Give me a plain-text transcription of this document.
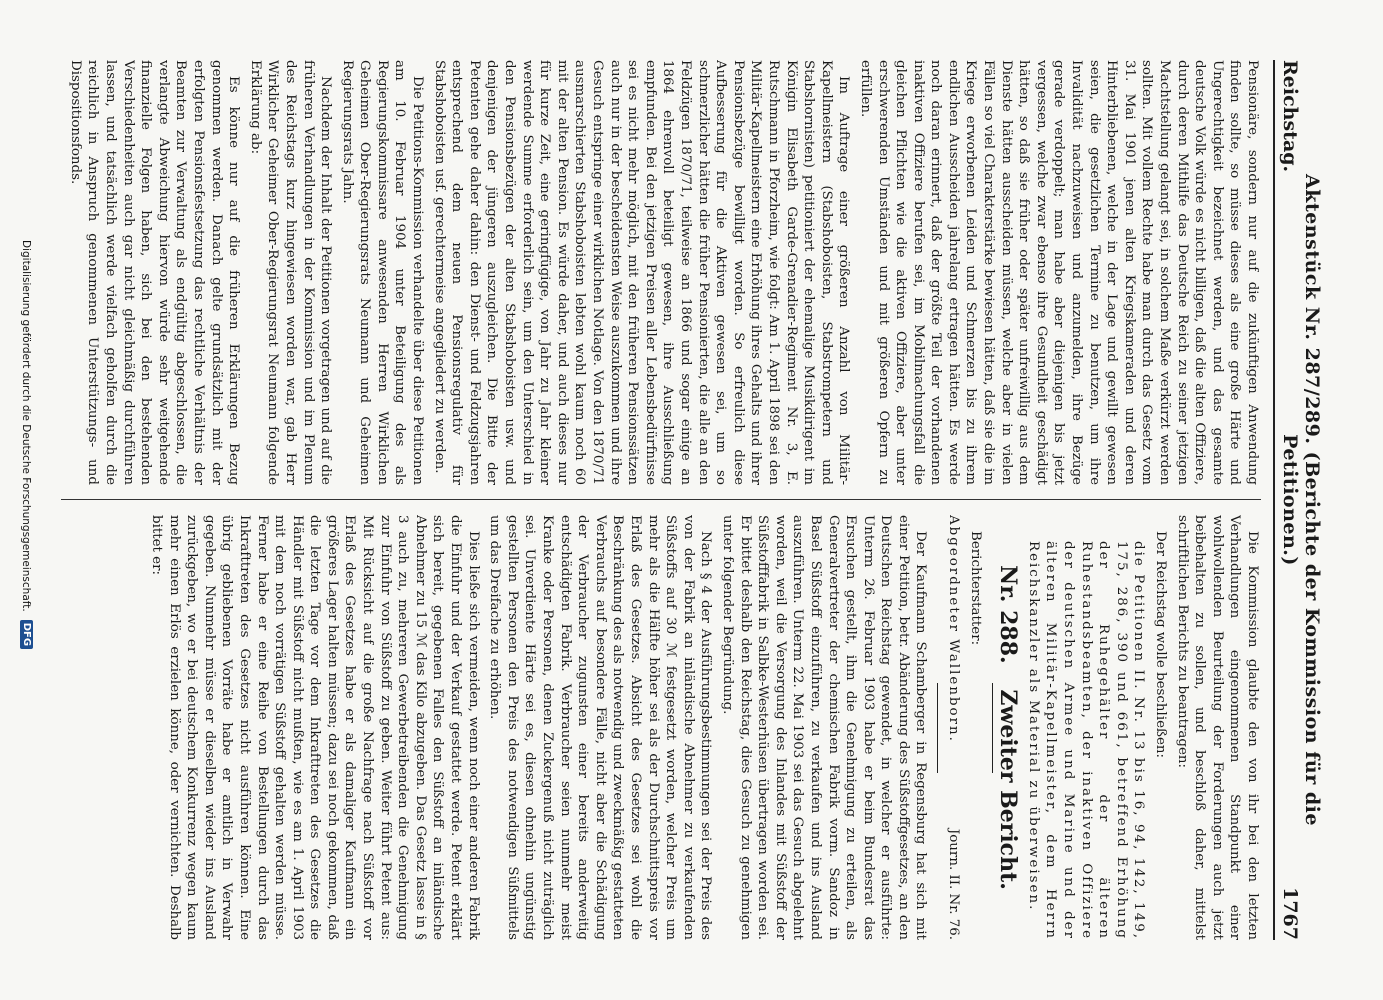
Reichstag.
Aktenstück Nr. 287/289. (Berichte der Kommission für die Petitionen.)
1767

Pensionäre, sondern nur auf die zukünftigen Anwendung finden sollte, so müsse dieses als eine große Härte und Ungerechtigkeit bezeichnet werden, und das gesamte deutsche Volk würde es nicht billigen, daß die alten Offiziere, durch deren Mithilfe das Deutsche Reich zu seiner jetzigen Machtstellung gelangt sei, in solchem Maße verkürzt werden sollten. Mit vollem Rechte habe man durch das Gesetz vom 31. Mai 1901 jenen alten Kriegskameraden und deren Hinterbliebenen, welche in der Lage und gewillt gewesen seien, die gesetzlichen Termine zu benutzen, um ihre Invalidität nachzuweisen und anzumelden, ihre Bezüge gerade verdoppelt; man habe aber diejenigen bis jetzt vergessen, welche zwar ebenso ihre Gesundheit geschädigt hätten, so daß sie früher oder später unfreiwillig aus dem Dienste hätten ausscheiden müssen, welche aber in vielen Fällen so viel Charakterstärke bewiesen hätten, daß sie die im Kriege erworbenen Leiden und Schmerzen bis zu ihrem endlichen Ausscheiden jahrelang ertragen hätten. Es werde noch daran erinnert, daß der größte Teil der vorhandenen inaktiven Offiziere berufen sei, im Mobilmachungsfall die gleichen Pflichten wie die aktiven Offiziere, aber unter erschwerenden Umständen und mit größeren Opfern zu erfüllen.

Im Auftrage einer größeren Anzahl von Militär-Kapellmeistern (Stabshoboisten, Stabstrompetern und Stabshornisten) petitioniert der ehemalige Musikdirigent im Königin Elisabeth Garde-Grenadier-Regiment Nr. 3, E. Rutschmann in Pforzheim, wie folgt: Am 1. April 1898 sei den Militär-Kapellmeistern eine Erhöhung ihres Gehalts und ihrer Pensionsbezüge bewilligt worden. So erfreulich diese Aufbesserung für die Aktiven gewesen sei, um so schmerzlicher hätten die früher Pensionierten, die alle an den Feldzügen 1870/71, teilweise an 1866 und sogar einige an 1864 ehrenvoll beteiligt gewesen, ihre Ausschließung empfunden. Bei den jetzigen Preisen aller Lebensbedürfnisse sei es nicht mehr möglich, mit den früheren Pensionssätzen auch nur in der bescheidensten Weise auszukommen und ihre Gesuch entspringe einer wirklichen Notlage. Von den 1870/71 ausmarschierten Stabshoboisten lebten wohl kaum noch 60 mit der alten Pension. Es würde daher, und auch dieses nur für kurze Zeit, eine geringfügige, von Jahr zu Jahr kleiner werdende Summe erforderlich sein, um den Unterschied in den Pensionsbezügen der alten Stabshoboisten usw. und denjenigen der jüngeren auszugleichen. Die Bitte der Petenten gehe daher dahin: den Dienst- und Feldzugsjahren entsprechend dem neuen Pensionsregulativ für Stabshoboisten usf. gerechtermeise angegliedert zu werden.

Die Petitions-Kommission verhandelte über diese Petitionen am 10. Februar 1904 unter Beteiligung des als Regierungskommissare anwesenden Herren Wirklichen Geheimen Ober-Regierungsrats Neumann und Geheimen Regierungsrats Jahn.

Nachdem der Inhalt der Petitionen vorgetragen und auf die früheren Verhandlungen in der Kommission und im Plenum des Reichstags kurz hingewiesen worden war, gab Herr Wirklicher Geheimer Ober-Regierungsrat Neumann folgende Erklärung ab:

Es könne nur auf die früheren Erklärungen Bezug genommen werden. Danach gelte grundsätzlich mit der erfolgten Pensionsfestsetzung das rechtliche Verhältnis der Beamten zur Verwaltung als endgültig abgeschlossen, die verlangte Abweichung hiervon würde sehr weitgehende finanzielle Folgen haben, sich bei den bestehenden Verschiedenheiten auch gar nicht gleichmäßig durchführen lassen, und tatsächlich werde vielfach geholfen durch die reichlich in Anspruch genommenen Unterstützungs- und Dispositionsfonds.

Die Kommission glaubte den von ihr bei den letzten Verhandlungen eingenommenen Standpunkt einer wohlwollenden Beurteilung der Forderungen auch jetzt beibehalten zu sollen, und beschloß daher, mittelst schriftlichen Berichts zu beantragen:

Der Reichstag wolle beschließen:

die Petitionen II. Nr. 13 bis 16, 94, 142, 149, 175, 286, 390 und 661, betreffend Erhöhung der Ruhegehälter der älteren Ruhestandsbeamten, der inaktiven Offiziere der deutschen Armee und Marine und der älteren Militär-Kapellmeister, dem Herrn Reichskanzler als Material zu überweisen.

Nr. 288. Zweiter Bericht.

Berichterstatter:

Abgeordneter Wallenborn.
Journ. II. Nr. 76.

Der Kaufmann Schamberger in Regensburg hat sich mit einer Petition, betr. Abänderung des Süßstoffgesetzes, an den Deutschen Reichstag gewendet, in welcher er ausführte: Unterm 26. Februar 1903 habe er beim Bundesrat das Ersuchen gestellt, ihm die Genehmigung zu erteilen, als Generalvertreter der chemischen Fabrik vorm. Sandoz in Basel Süßstoff einzuführen, zu verkaufen und ins Ausland auszuführen. Unterm 22. Mai 1903 sei das Gesuch abgelehnt worden, weil die Versorgung des Inlandes mit Süßstoff der Süßstofffabrik in Salbke-Westerhüsen übertragen worden sei. Er bittet deshalb den Reichstag, dies Gesuch zu genehmigen unter folgender Begründung.

Nach § 4 der Ausführungsbestimmungen sei der Preis des von der Fabrik an inländische Abnehmer zu verkaufenden Süßstoffs auf 30 ℳ festgesetzt worden, welcher Preis um mehr als die Hälfte höher sei als der Durchschnittspreis vor Erlaß des Gesetzes. Absicht des Gesetzes sei wohl die Beschränkung des als notwendig und zweckmäßig gestatteten Verbrauchs auf besondere Fälle, nicht aber die Schädigung der Verbraucher zugunsten einer bereits anderweitig entschädigten Fabrik. Verbraucher seien nunmehr meist Kranke oder Personen, denen Zuckergenuß nicht zuträglich sei. Unverdiente Härte sei es, diesen ohnehin ungünstig gestellten Personen den Preis des notwendigen Süßmittels um das Dreifache zu erhöhen.

Dies ließe sich vermeiden, wenn noch einer anderen Fabrik die Einfuhr und der Verkauf gestattet werde. Petent erklärt sich bereit, gegebenen Falles den Süßstoff an inländische Abnehmer zu 15 ℳ das Kilo abzugeben. Das Gesetz lasse in § 3 auch zu, mehreren Gewerbetreibenden die Genehmigung zur Einfuhr von Süßstoff zu geben. Weiter führt Petent aus: Mit Rücksicht auf die große Nachfrage nach Süßstoff vor Erlaß des Gesetzes habe er als damaliger Kaufmann ein größeres Lager halten müssen; dazu sei noch gekommen, daß die letzten Tage vor dem Inkrafttreten des Gesetzes die Händler mit Süßstoff nicht mußten, wie es am 1. April 1903 mit dem noch vorrätigen Süßstoff gehalten werden müsse. Ferner habe er eine Reihe von Bestellungen durch das Inkrafttreten des Gesetzes nicht ausführen können. Eine übrig gebliebenen Vorräte habe er amtlich in Verwahr gegeben. Nunmehr müsse er dieselben wieder ins Ausland zurückgeben, wo er bei deutschem Konkurrenz wegen kaum mehr einen Erlös erzielen könne, oder vernichten. Deshalb bittet er:

Digitalisierung gefördert durch die Deutsche Forschungsgemeinschaft.
DFG
